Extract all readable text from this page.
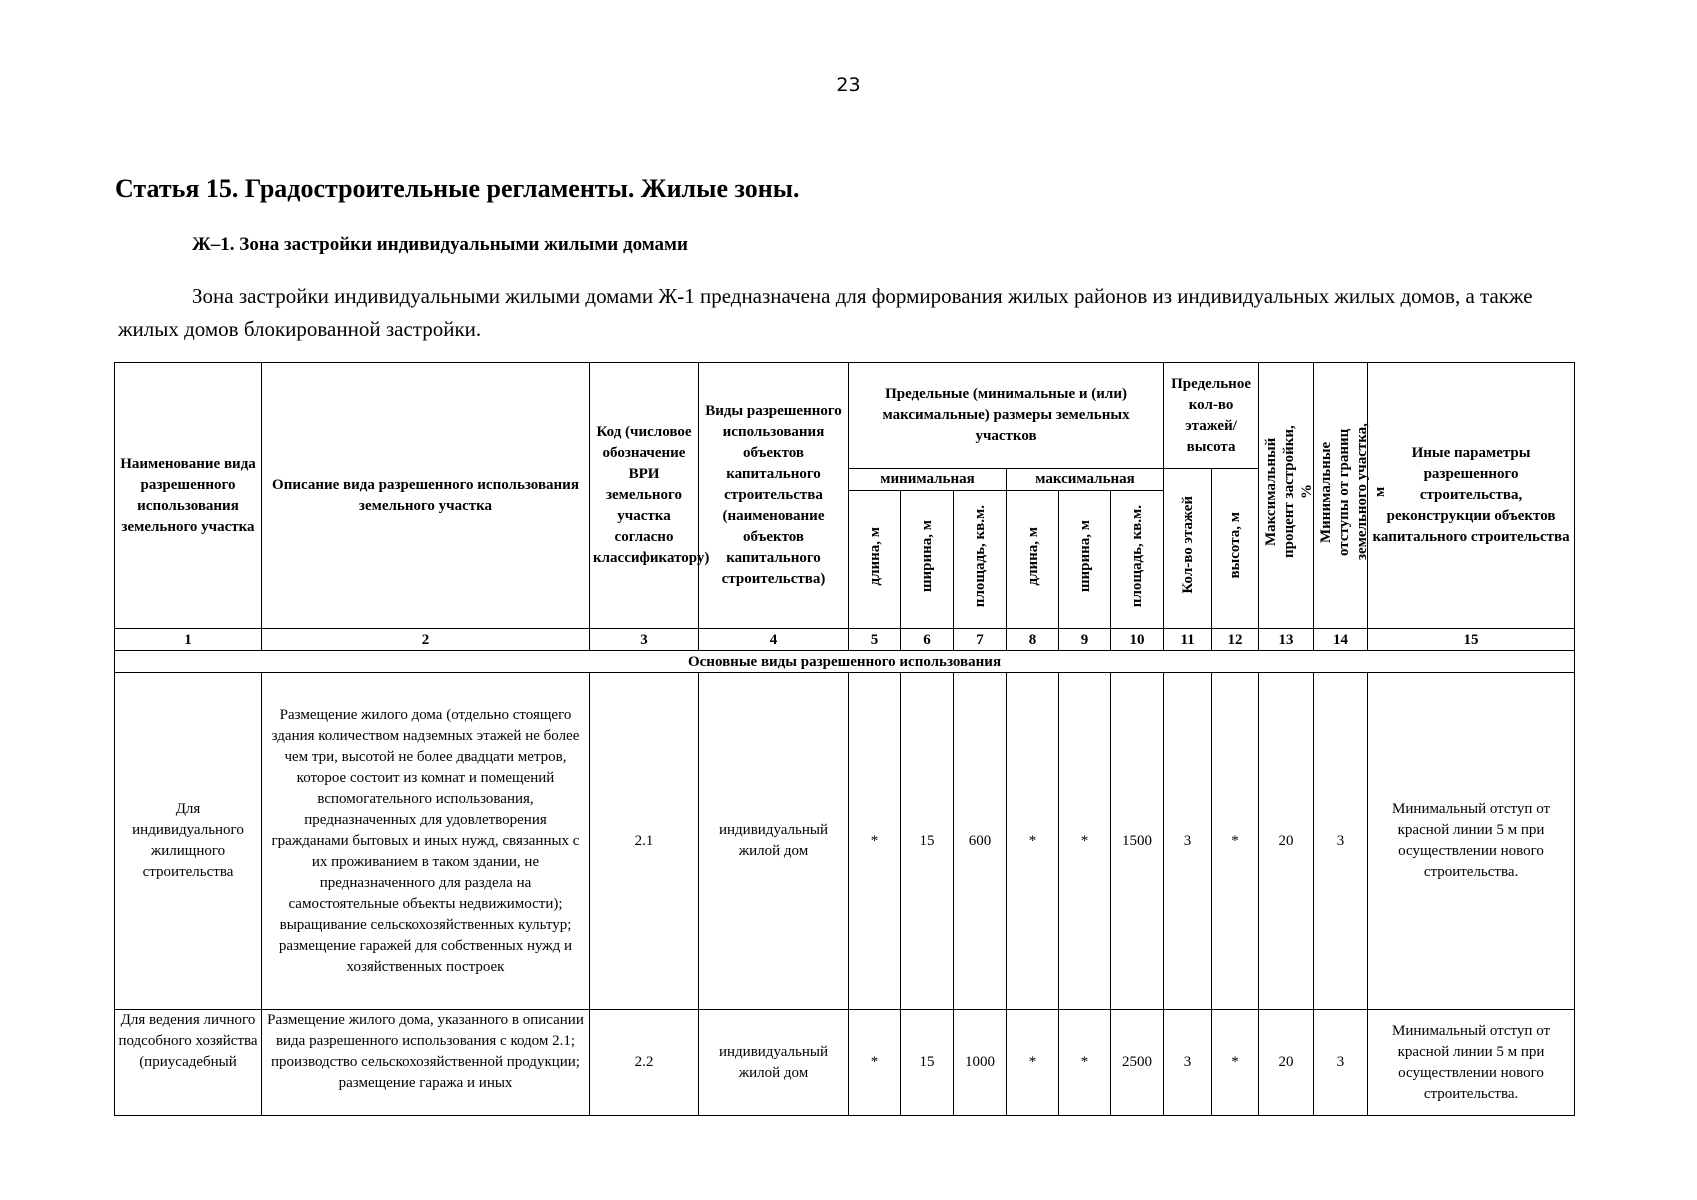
23
Статья 15. Градостроительные регламенты. Жилые зоны.
Ж–1. Зона застройки индивидуальными жилыми домами

Зона застройки индивидуальными жилыми домами Ж-1 предназначена для формирования жилых районов из индивидуальных жилых домов, а также жилых домов блокированной застройки.

Наименование вида разрешенного использования земельного участка	Описание вида разрешенного использования земельного участка	Код (числовое обозначение ВРИ земельного участка согласно классификатору)	Виды разрешенного использования объектов капитального строительства (наименование объектов капитального строительства)	Предельные (минимальные и (или) максимальные) размеры земельных участков						Предельное кол-во этажей/ высота		Максимальный процент застройки, %	Минимальные отступы от границ земельного участка, м	Иные параметры разрешенного строительства, реконструкции объектов капитального строительства
				минимальная			максимальная			Кол-во этажей	высота, м			
				длина, м	ширина, м	площадь, кв.м.	длина, м	ширина, м	площадь, кв.м.					
1	2	3	4	5	6	7	8	9	10	11	12	13	14	15
Основные виды разрешенного использования														
Для индивидуального жилищного строительства	Размещение жилого дома (отдельно стоящего здания количеством надземных этажей не более чем три, высотой не более двадцати метров, которое состоит из комнат и помещений вспомогательного использования, предназначенных для удовлетворения гражданами бытовых и иных нужд, связанных с их проживанием в таком здании, не предназначенного для раздела на самостоятельные объекты недвижимости); выращивание сельскохозяйственных культур; размещение гаражей для собственных нужд и хозяйственных построек	2.1	индивидуальный жилой дом	*	15	600	*	*	1500	3	*	20	3	Минимальный отступ от красной линии 5 м при осуществлении нового строительства.

Для ведения личного подсобного хозяйства (приусадебный	Размещение жилого дома, указанного в описании вида разрешенного использования с кодом 2.1; производство сельскохозяйственной продукции; размещение гаража и иных	2.2	индивидуальный жилой дом	*	15	1000	*	*	2500	3	*	20	3	Минимальный отступ от красной линии 5 м при осуществлении нового строительства.
